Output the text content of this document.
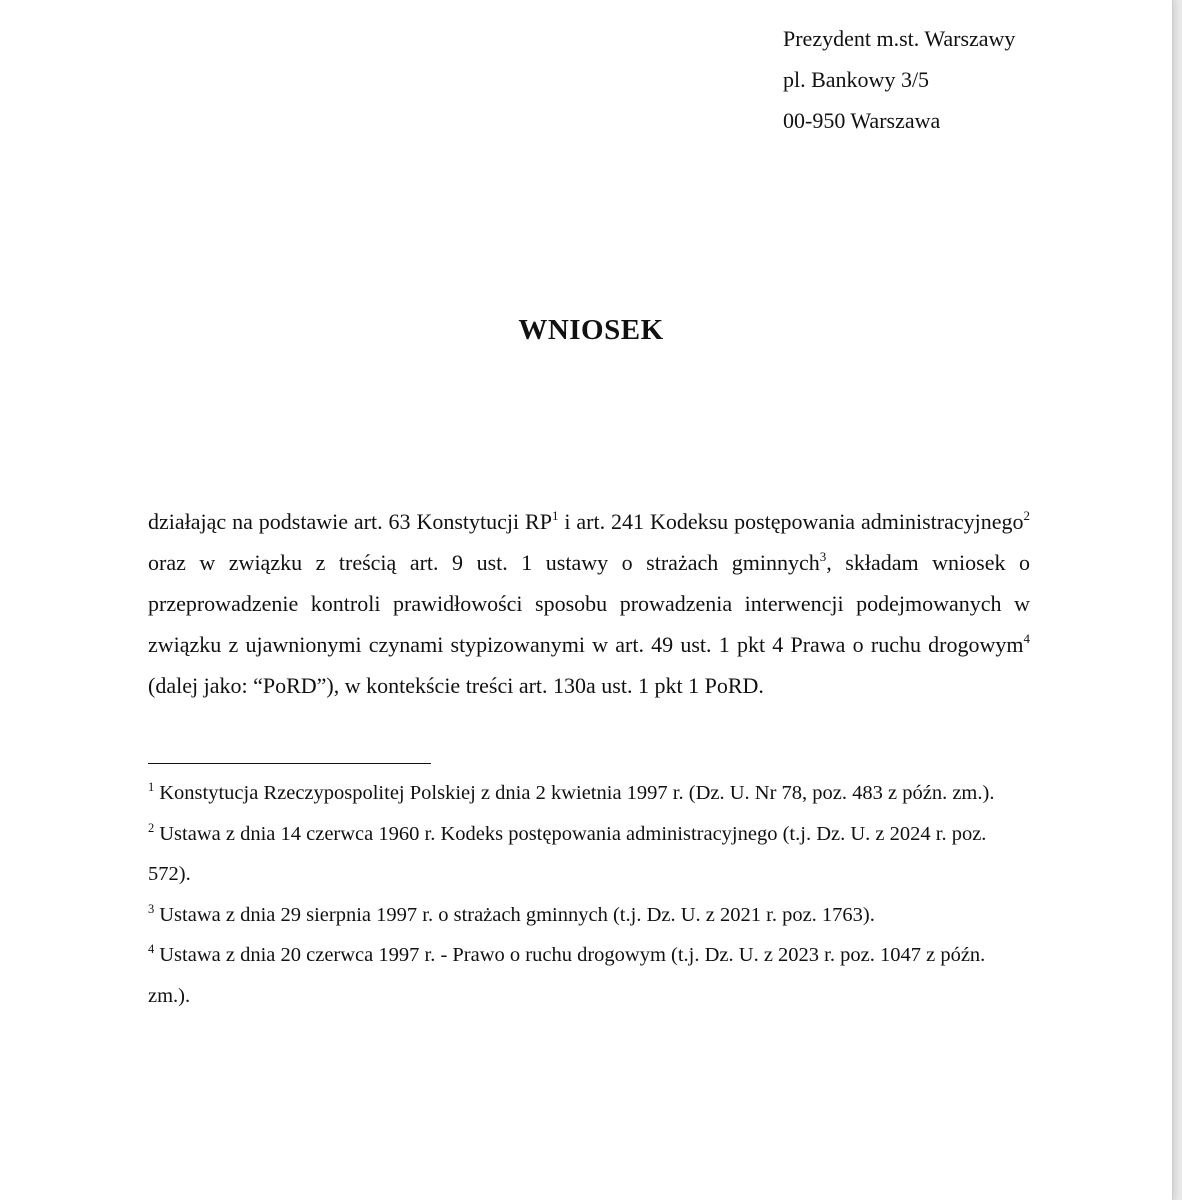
Prezydent m.st. Warszawy
pl. Bankowy 3/5
00-950 Warszawa
WNIOSEK
działając na podstawie art. 63 Konstytucji $RP^1$ i art. 241 Kodeksu postępowania administracyjnego$^2$ oraz w związku z treścią art. 9 ust. 1 ustawy o strażach gminnych$^3$, składam wniosek o przeprowadzenie kontroli prawidłowości sposobu prowadzenia interwencji podejmowanych w związku z ujawnionymi czynami stypizowanymi w art. 49 ust. 1 pkt 4 Prawa o ruchu drogowym$^4$ (dalej jako: “PoRD”), w kontekście treści art. 130a ust. 1 pkt 1 PoRD.
$^1$ Konstytucja Rzeczypospolitej Polskiej z dnia 2 kwietnia 1997 r. (Dz. U. Nr 78, poz. 483 z późn. zm.).
$^2$ Ustawa z dnia 14 czerwca 1960 r. Kodeks postępowania administracyjnego (t.j. Dz. U. z 2024 r. poz. 572).
$^3$ Ustawa z dnia 29 sierpnia 1997 r. o strażach gminnych (t.j. Dz. U. z 2021 r. poz. 1763).
$^4$ Ustawa z dnia 20 czerwca 1997 r. - Prawo o ruchu drogowym (t.j. Dz. U. z 2023 r. poz. 1047 z późn. zm.).
